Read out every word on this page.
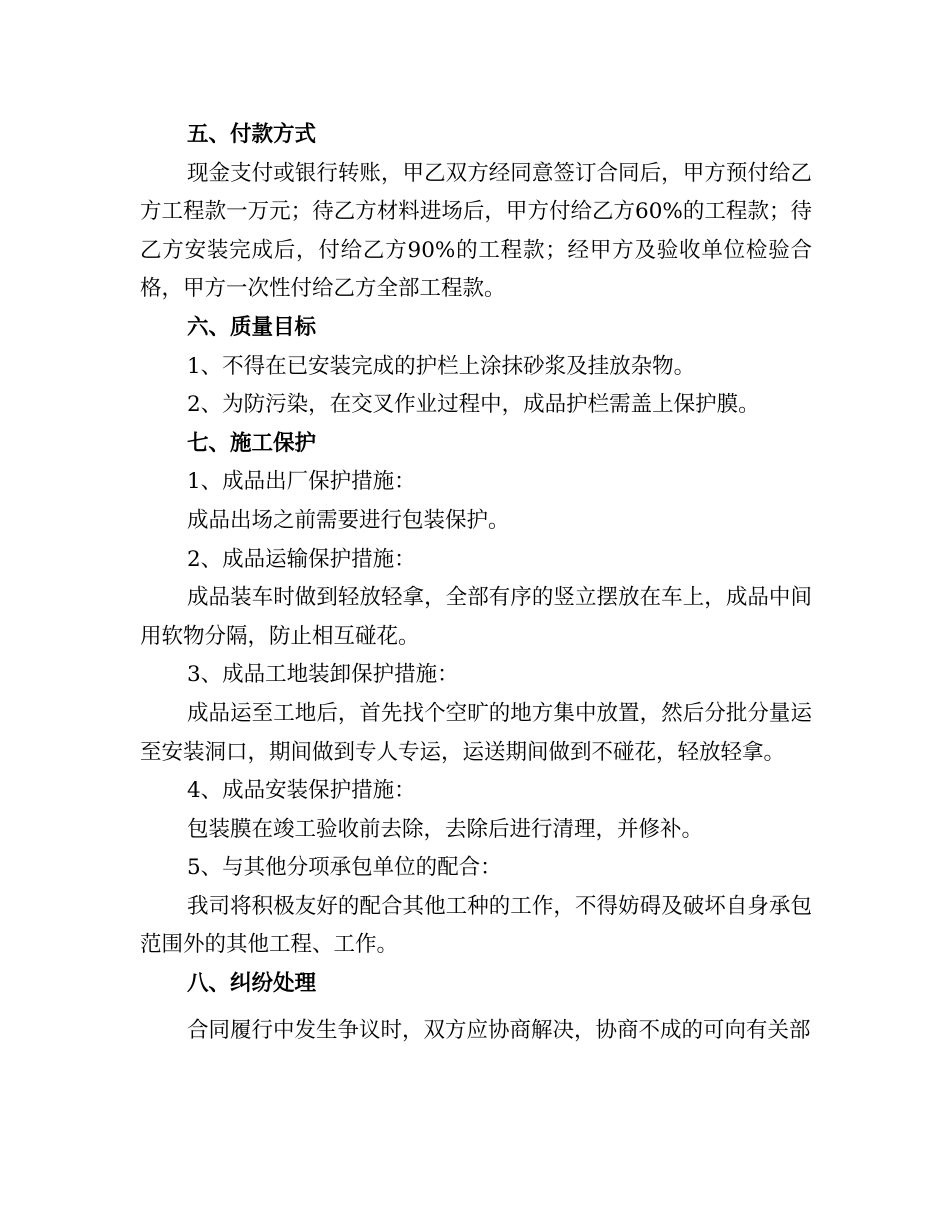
五、付款方式

现金支付或银行转账，甲乙双方经同意签订合同后，甲方预付给乙方工程款一万元；待乙方材料进场后，甲方付给乙方60%的工程款；待乙方安装完成后，付给乙方90%的工程款；经甲方及验收单位检验合格，甲方一次性付给乙方全部工程款。

六、质量目标

1、不得在已安装完成的护栏上涂抹砂浆及挂放杂物。

2、为防污染，在交叉作业过程中，成品护栏需盖上保护膜。

七、施工保护

1、成品出厂保护措施：

成品出场之前需要进行包装保护。

2、成品运输保护措施：

成品装车时做到轻放轻拿，全部有序的竖立摆放在车上，成品中间用软物分隔，防止相互碰花。

3、成品工地装卸保护措施：

成品运至工地后，首先找个空旷的地方集中放置，然后分批分量运至安装洞口，期间做到专人专运，运送期间做到不碰花，轻放轻拿。

4、成品安装保护措施：

包装膜在竣工验收前去除，去除后进行清理，并修补。

5、与其他分项承包单位的配合：

我司将积极友好的配合其他工种的工作，不得妨碍及破坏自身承包范围外的其他工程、工作。

八、纠纷处理

合同履行中发生争议时，双方应协商解决，协商不成的可向有关部
